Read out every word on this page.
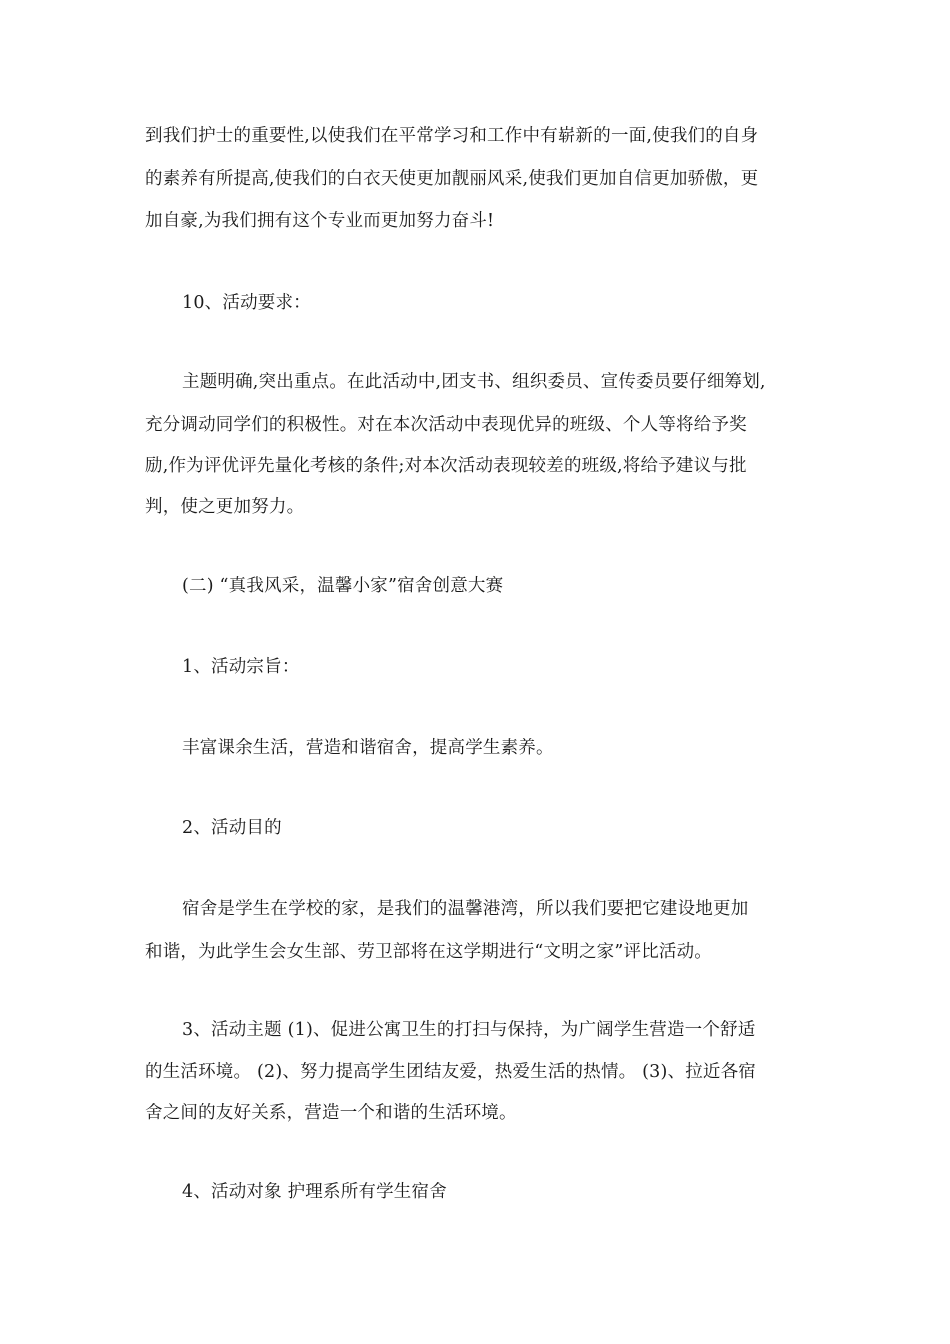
到我们护士的重要性,以使我们在平常学习和工作中有崭新的一面,使我们的自身
的素养有所提高,使我们的白衣天使更加靓丽风采,使我们更加自信更加骄傲，更
加自豪,为我们拥有这个专业而更加努力奋斗!
10、活动要求：
主题明确,突出重点。在此活动中,团支书、组织委员、宣传委员要仔细筹划,
充分调动同学们的积极性。对在本次活动中表现优异的班级、个人等将给予奖
励,作为评优评先量化考核的条件;对本次活动表现较差的班级,将给予建议与批
判，使之更加努力。
(二) “真我风采，温馨小家”宿舍创意大赛
1、活动宗旨：
丰富课余生活，营造和谐宿舍，提高学生素养。
2、活动目的
宿舍是学生在学校的家，是我们的温馨港湾，所以我们要把它建设地更加
和谐，为此学生会女生部、劳卫部将在这学期进行“文明之家”评比活动。
3、活动主题 (1)、促进公寓卫生的打扫与保持，为广阔学生营造一个舒适
的生活环境。 (2)、努力提高学生团结友爱，热爱生活的热情。 (3)、拉近各宿
舍之间的友好关系，营造一个和谐的生活环境。
4、活动对象 护理系所有学生宿舍
